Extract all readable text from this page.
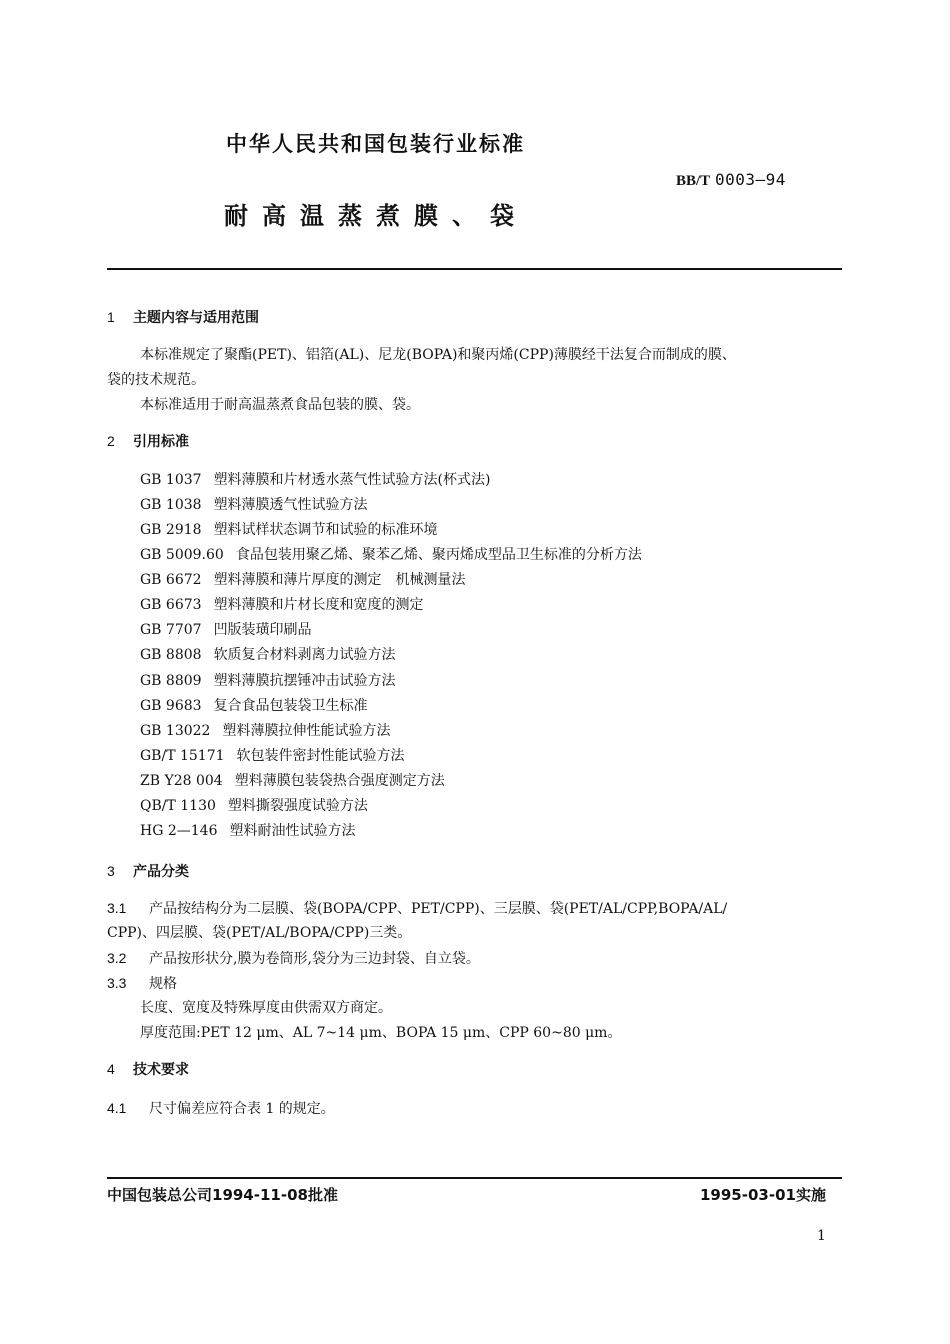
中华人民共和国包装行业标准
BB/T 0003—94
耐高温蒸煮膜、袋
1 主题内容与适用范围
本标准规定了聚酯(PET)、铝箔(AL)、尼龙(BOPA)和聚丙烯(CPP)薄膜经干法复合而制成的膜、
袋的技术规范。
本标准适用于耐高温蒸煮食品包装的膜、袋。
2 引用标准
GB 1037 塑料薄膜和片材透水蒸气性试验方法(杯式法)
GB 1038 塑料薄膜透气性试验方法
GB 2918 塑料试样状态调节和试验的标准环境
GB 5009.60 食品包装用聚乙烯、聚苯乙烯、聚丙烯成型品卫生标准的分析方法
GB 6672 塑料薄膜和薄片厚度的测定　机械测量法
GB 6673 塑料薄膜和片材长度和宽度的测定
GB 7707 凹版装璜印刷品
GB 8808 软质复合材料剥离力试验方法
GB 8809 塑料薄膜抗摆锤冲击试验方法
GB 9683 复合食品包装袋卫生标准
GB 13022 塑料薄膜拉伸性能试验方法
GB/T 15171 软包装件密封性能试验方法
ZB Y28 004 塑料薄膜包装袋热合强度测定方法
QB/T 1130 塑料撕裂强度试验方法
HG 2—146 塑料耐油性试验方法
3 产品分类
3.1 产品按结构分为二层膜、袋(BOPA/CPP、PET/CPP)、三层膜、袋(PET/AL/CPP,BOPA/AL/
CPP)、四层膜、袋(PET/AL/BOPA/CPP)三类。
3.2 产品按形状分,膜为卷筒形,袋分为三边封袋、自立袋。
3.3 规格
长度、宽度及特殊厚度由供需双方商定。
厚度范围:PET 12 μm、AL 7~14 μm、BOPA 15 μm、CPP 60~80 μm。
4 技术要求
4.1 尺寸偏差应符合表 1 的规定。
中国包装总公司1994-11-08批准	1995-03-01实施
1
